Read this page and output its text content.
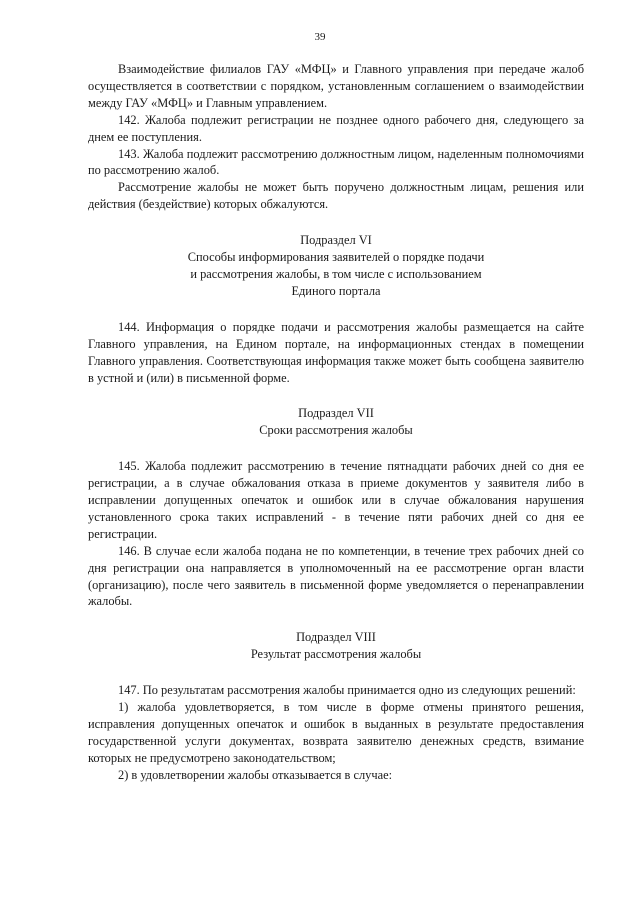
39

Взаимодействие филиалов ГАУ «МФЦ» и Главного управления при передаче жалоб осуществляется в соответствии с порядком, установленным соглашением о взаимодействии между ГАУ «МФЦ» и Главным управлением.

142. Жалоба подлежит регистрации не позднее одного рабочего дня, следующего за днем ее поступления.

143. Жалоба подлежит рассмотрению должностным лицом, наделенным полномочиями по рассмотрению жалоб.

Рассмотрение жалобы не может быть поручено должностным лицам, решения или действия (бездействие) которых обжалуются.

Подраздел VI

Способы информирования заявителей о порядке подачи

и рассмотрения жалобы, в том числе с использованием

Единого портала

144. Информация о порядке подачи и рассмотрения жалобы размещается на сайте Главного управления, на Едином портале, на информационных стендах в помещении Главного управления. Соответствующая информация также может быть сообщена заявителю в устной и (или) в письменной форме.

Подраздел VII

Сроки рассмотрения жалобы

145. Жалоба подлежит рассмотрению в течение пятнадцати рабочих дней со дня ее регистрации, а в случае обжалования отказа в приеме документов у заявителя либо в исправлении допущенных опечаток и ошибок или в случае обжалования нарушения установленного срока таких исправлений - в течение пяти рабочих дней со дня ее регистрации.

146. В случае если жалоба подана не по компетенции, в течение трех рабочих дней со дня регистрации она направляется в уполномоченный на ее рассмотрение орган власти (организацию), после чего заявитель в письменной форме уведомляется о перенаправлении жалобы.

Подраздел VIII

Результат рассмотрения жалобы

147. По результатам рассмотрения жалобы принимается одно из следующих решений:

1) жалоба удовлетворяется, в том числе в форме отмены принятого решения, исправления допущенных опечаток и ошибок в выданных в результате предоставления государственной услуги документах, возврата заявителю денежных средств, взимание которых не предусмотрено законодательством;

2) в удовлетворении жалобы отказывается в случае:
